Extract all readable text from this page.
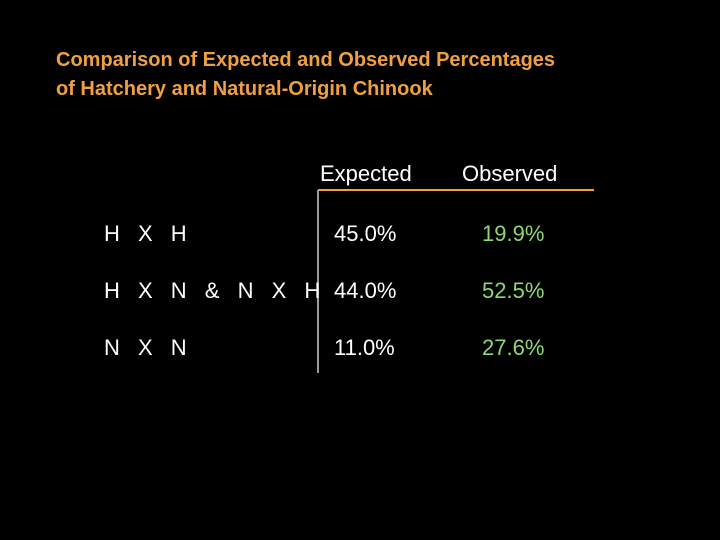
Comparison of Expected and Observed Percentages
of Hatchery and Natural-Origin Chinook
Expected Observed
H X H	45.0%	19.9%
H X N & N X H 44.0%	52.5%
N X N	11.0%	27.6%
